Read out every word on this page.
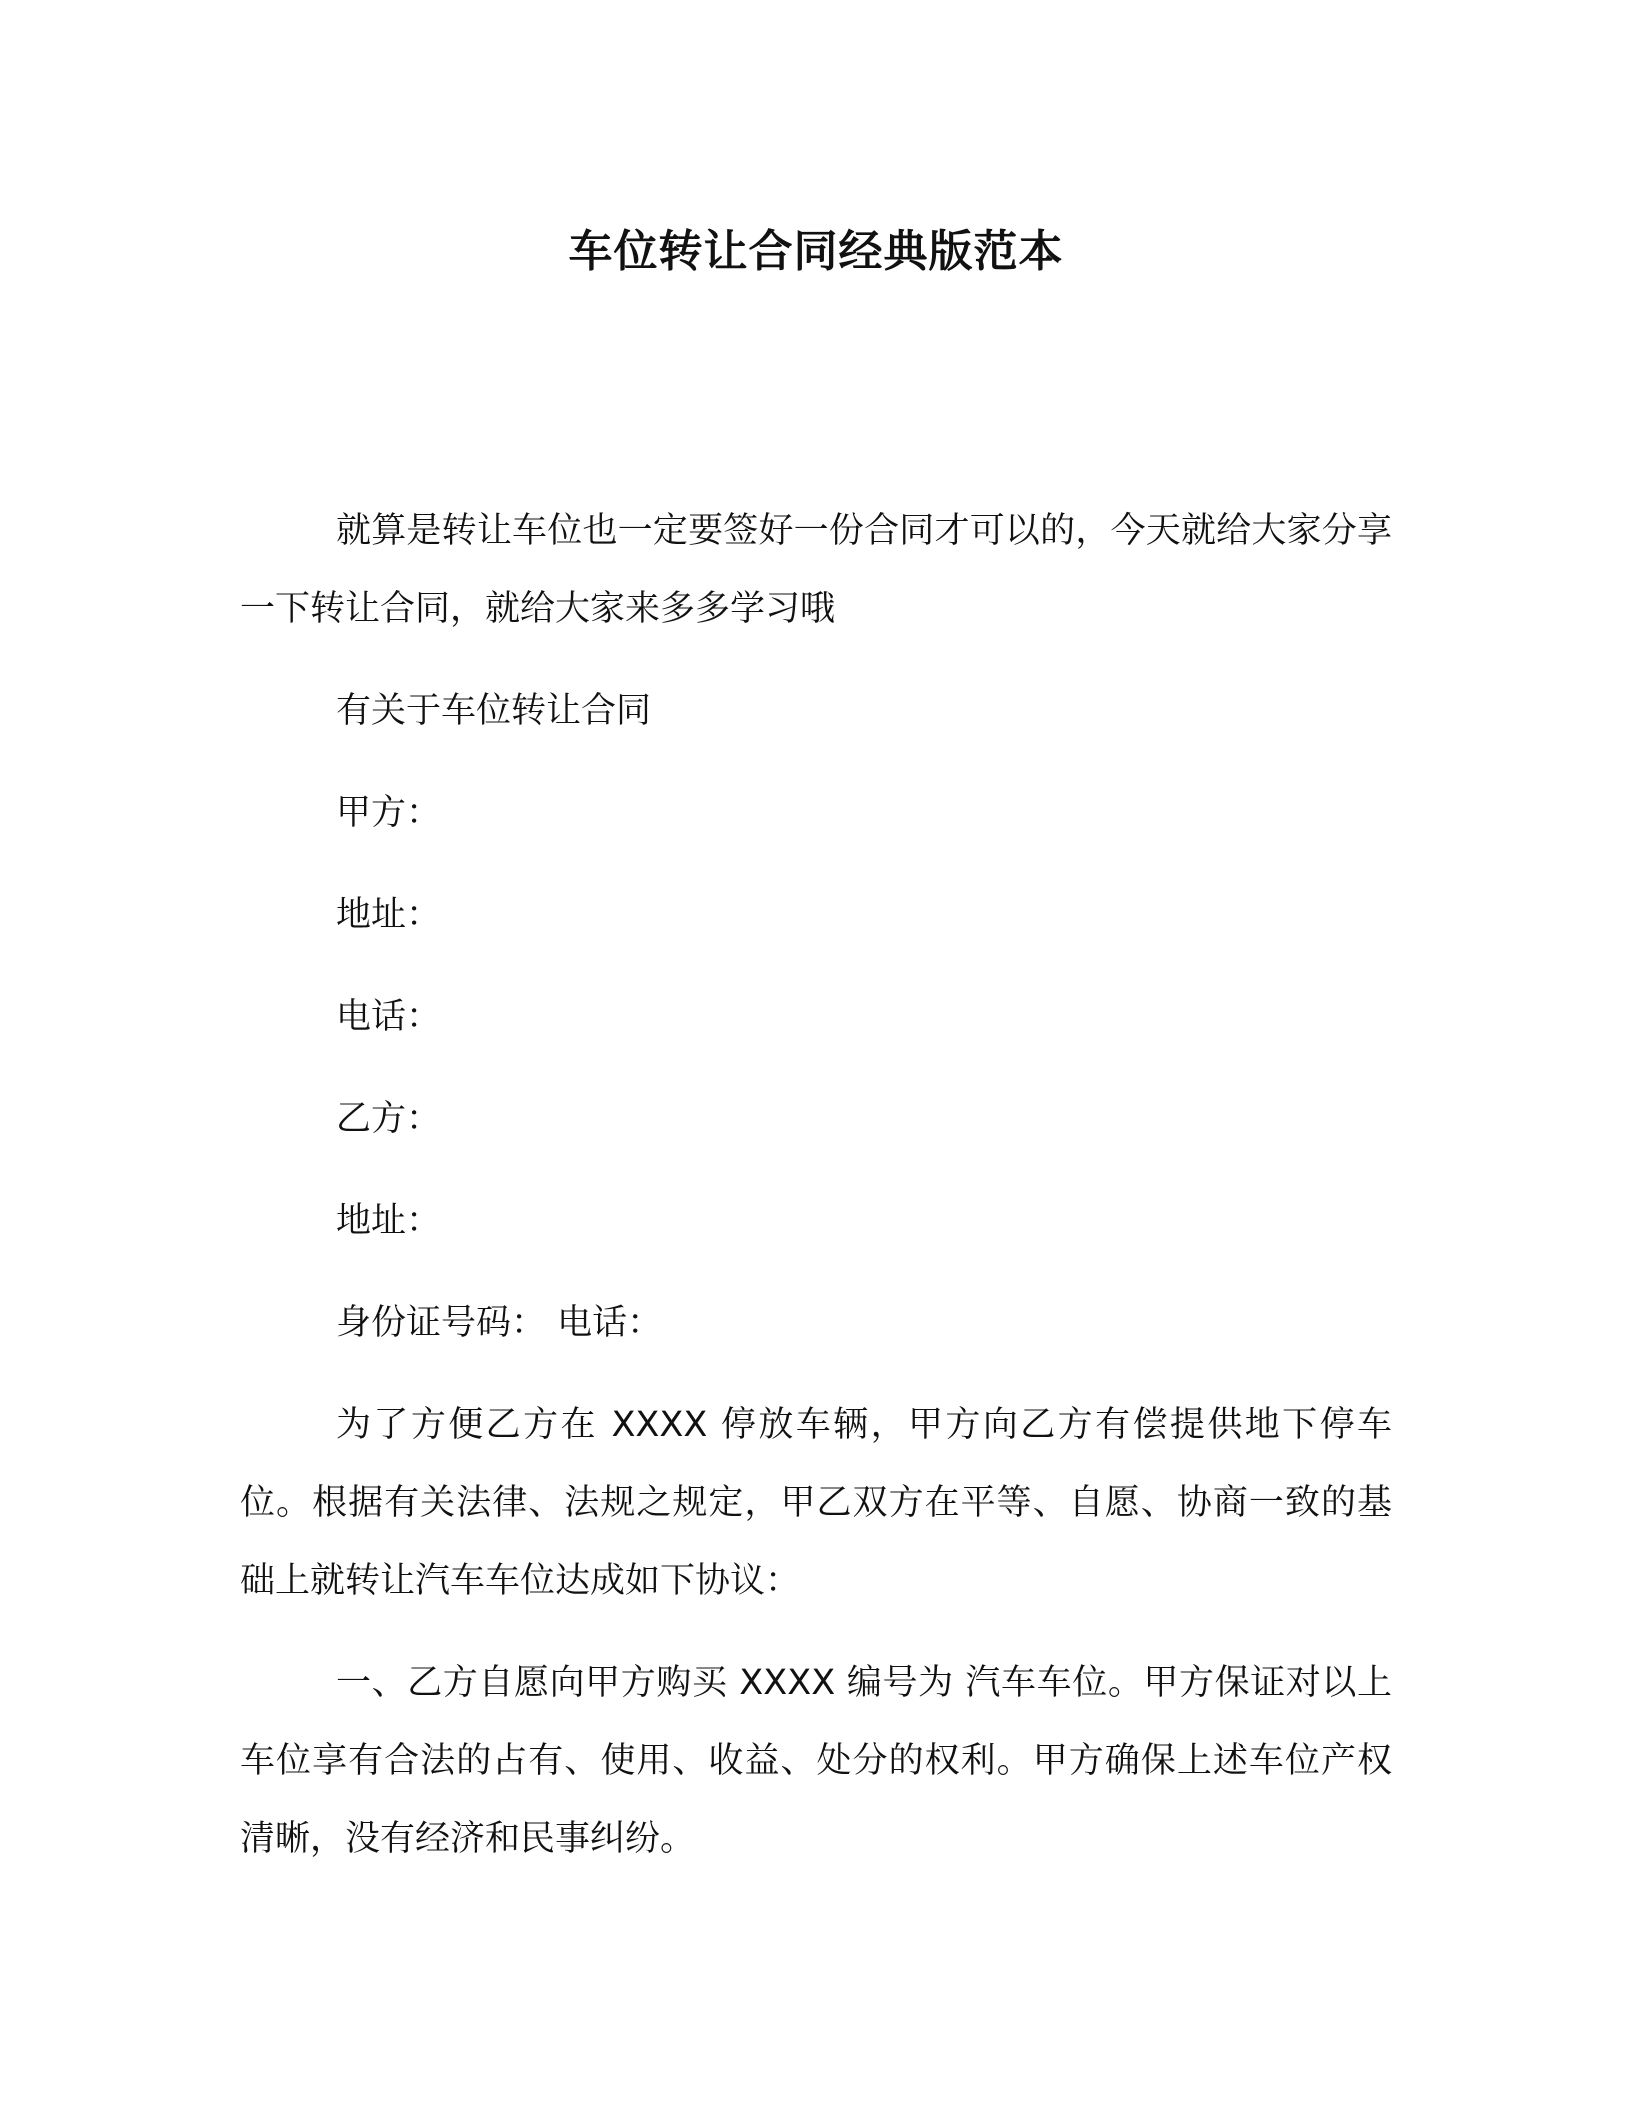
车位转让合同经典版范本

就算是转让车位也一定要签好一份合同才可以的，今天就给大家分享一下转让合同，就给大家来多多学习哦

有关于车位转让合同

甲方：

地址：

电话：

乙方：

地址：

身份证号码： 电话：

为了方便乙方在 XXXX 停放车辆，甲方向乙方有偿提供地下停车位。根据有关法律、法规之规定，甲乙双方在平等、自愿、协商一致的基础上就转让汽车车位达成如下协议：

一、乙方自愿向甲方购买 XXXX 编号为 汽车车位。甲方保证对以上车位享有合法的占有、使用、收益、处分的权利。甲方确保上述车位产权清晰，没有经济和民事纠纷。
